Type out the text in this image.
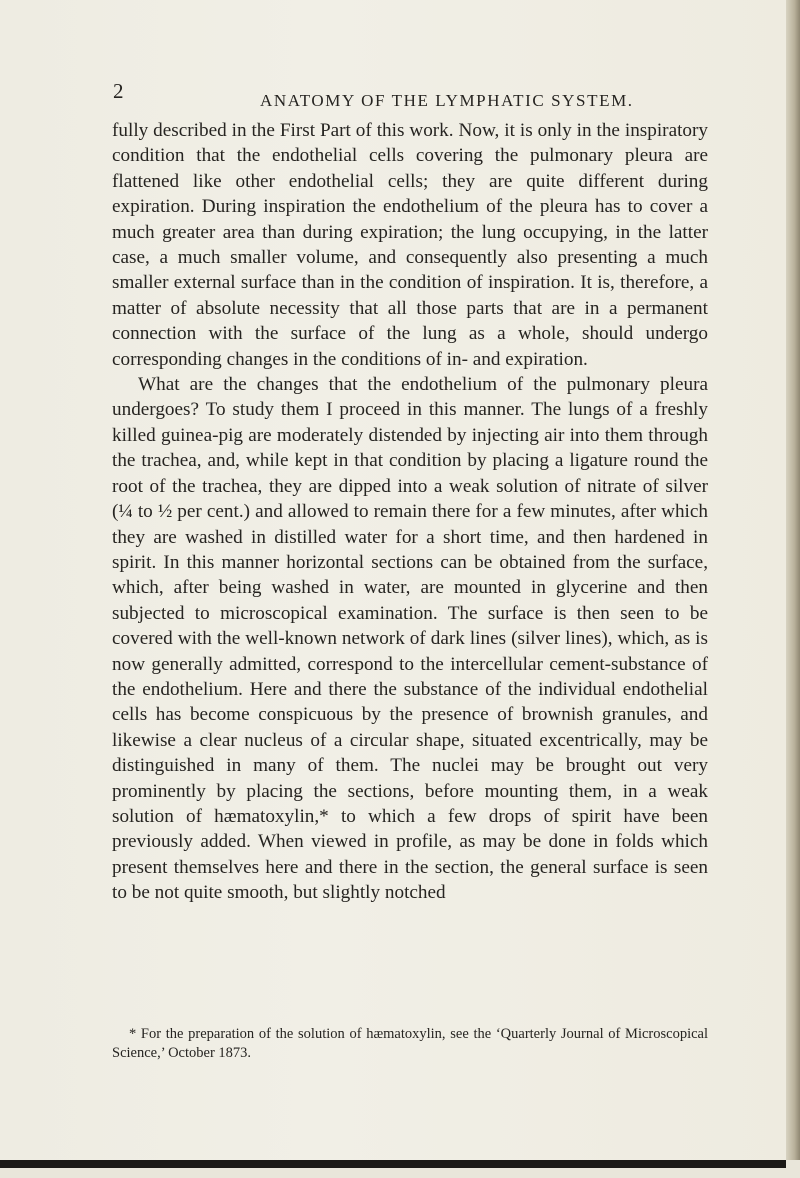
2	ANATOMY OF THE LYMPHATIC SYSTEM.

fully described in the First Part of this work. Now, it is only in the inspiratory condition that the endothelial cells covering the pulmonary pleura are flattened like other endothelial cells; they are quite different during expiration. During inspiration the endothelium of the pleura has to cover a much greater area than during expiration; the lung occupying, in the latter case, a much smaller volume, and consequently also presenting a much smaller external surface than in the condition of inspiration. It is, therefore, a matter of absolute necessity that all those parts that are in a permanent connection with the surface of the lung as a whole, should undergo corresponding changes in the conditions of in- and expiration.

What are the changes that the endothelium of the pulmonary pleura undergoes? To study them I proceed in this manner. The lungs of a freshly killed guinea-pig are moderately distended by injecting air into them through the trachea, and, while kept in that condition by placing a ligature round the root of the trachea, they are dipped into a weak solution of nitrate of silver (¼ to ½ per cent.) and allowed to remain there for a few minutes, after which they are washed in distilled water for a short time, and then hardened in spirit. In this manner horizontal sections can be obtained from the surface, which, after being washed in water, are mounted in glycerine and then subjected to microscopical examination. The surface is then seen to be covered with the well-known network of dark lines (silver lines), which, as is now generally admitted, correspond to the intercellular cement-substance of the endothelium. Here and there the substance of the individual endothelial cells has become conspicuous by the presence of brownish granules, and likewise a clear nucleus of a circular shape, situated excentrically, may be distinguished in many of them. The nuclei may be brought out very prominently by placing the sections, before mounting them, in a weak solution of hæmatoxylin,* to which a few drops of spirit have been previously added. When viewed in profile, as may be done in folds which present themselves here and there in the section, the general surface is seen to be not quite smooth, but slightly notched

* For the preparation of the solution of hæmatoxylin, see the ‘Quarterly Journal of Microscopical Science,’ October 1873.
